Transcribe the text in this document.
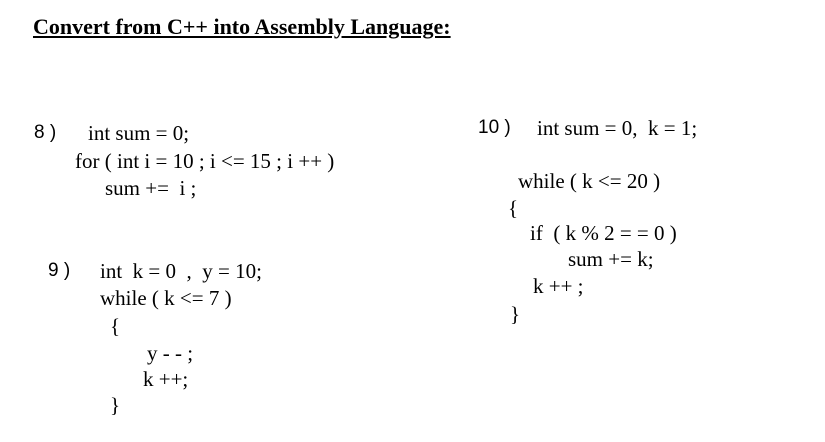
Convert from C++ into Assembly Language:
8 ) int sum = 0;
for ( int i = 10 ; i <= 15 ; i ++ )
sum +=  i ;
9 ) int  k = 0  ,  y = 10;
while ( k <= 7 )
{
y - - ;
k ++;
}
10 ) int sum = 0,  k = 1;
while ( k <= 20 )
{
if  ( k % 2 = = 0 )
sum += k;
k ++ ;
}
